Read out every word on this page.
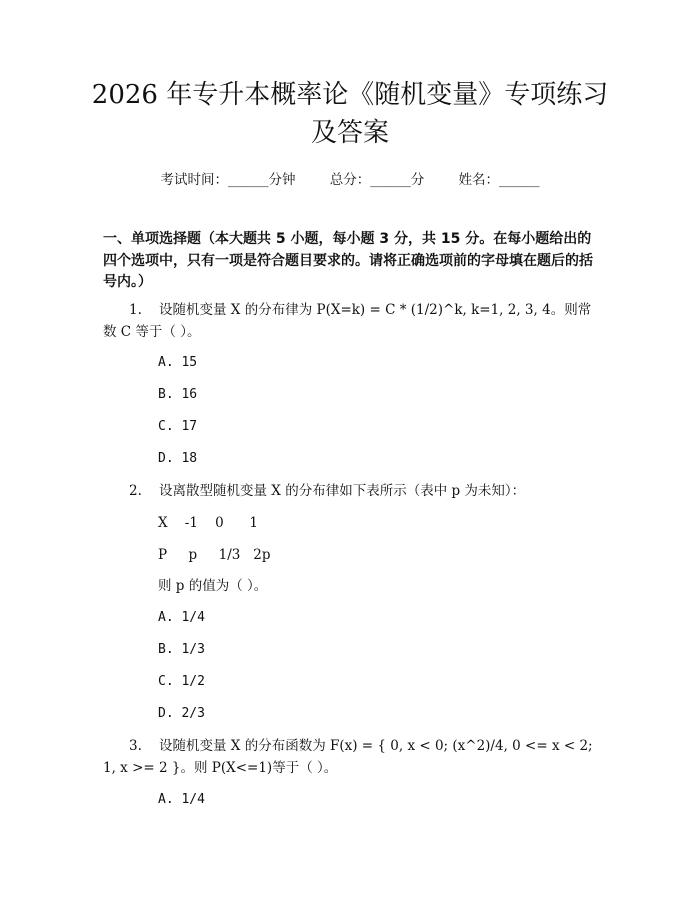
2026 年专升本概率论《随机变量》专项练习
及答案
考试时间：______分钟	总分：______分	姓名：______
一、单项选择题（本大题共 5 小题，每小题 3 分，共 15 分。在每小题给出的四个选项中，只有一项是符合题目要求的。请将正确选项前的字母填在题后的括号内。）
1. 设随机变量 X 的分布律为 P(X=k) = C * (1/2)^k, k=1, 2, 3, 4。则常数 C 等于（ ）。
A. 15
B. 16
C. 17
D. 18
2. 设离散型随机变量 X 的分布律如下表所示（表中 p 为未知）：
X    -1    0      1
P     p     1/3   2p
则 p 的值为（ ）。
A. 1/4
B. 1/3
C. 1/2
D. 2/3
3. 设随机变量 X 的分布函数为 F(x) = { 0, x < 0; (x^2)/4, 0 <= x < 2; 1, x >= 2 }。则 P(X<=1)等于（ ）。
A. 1/4
